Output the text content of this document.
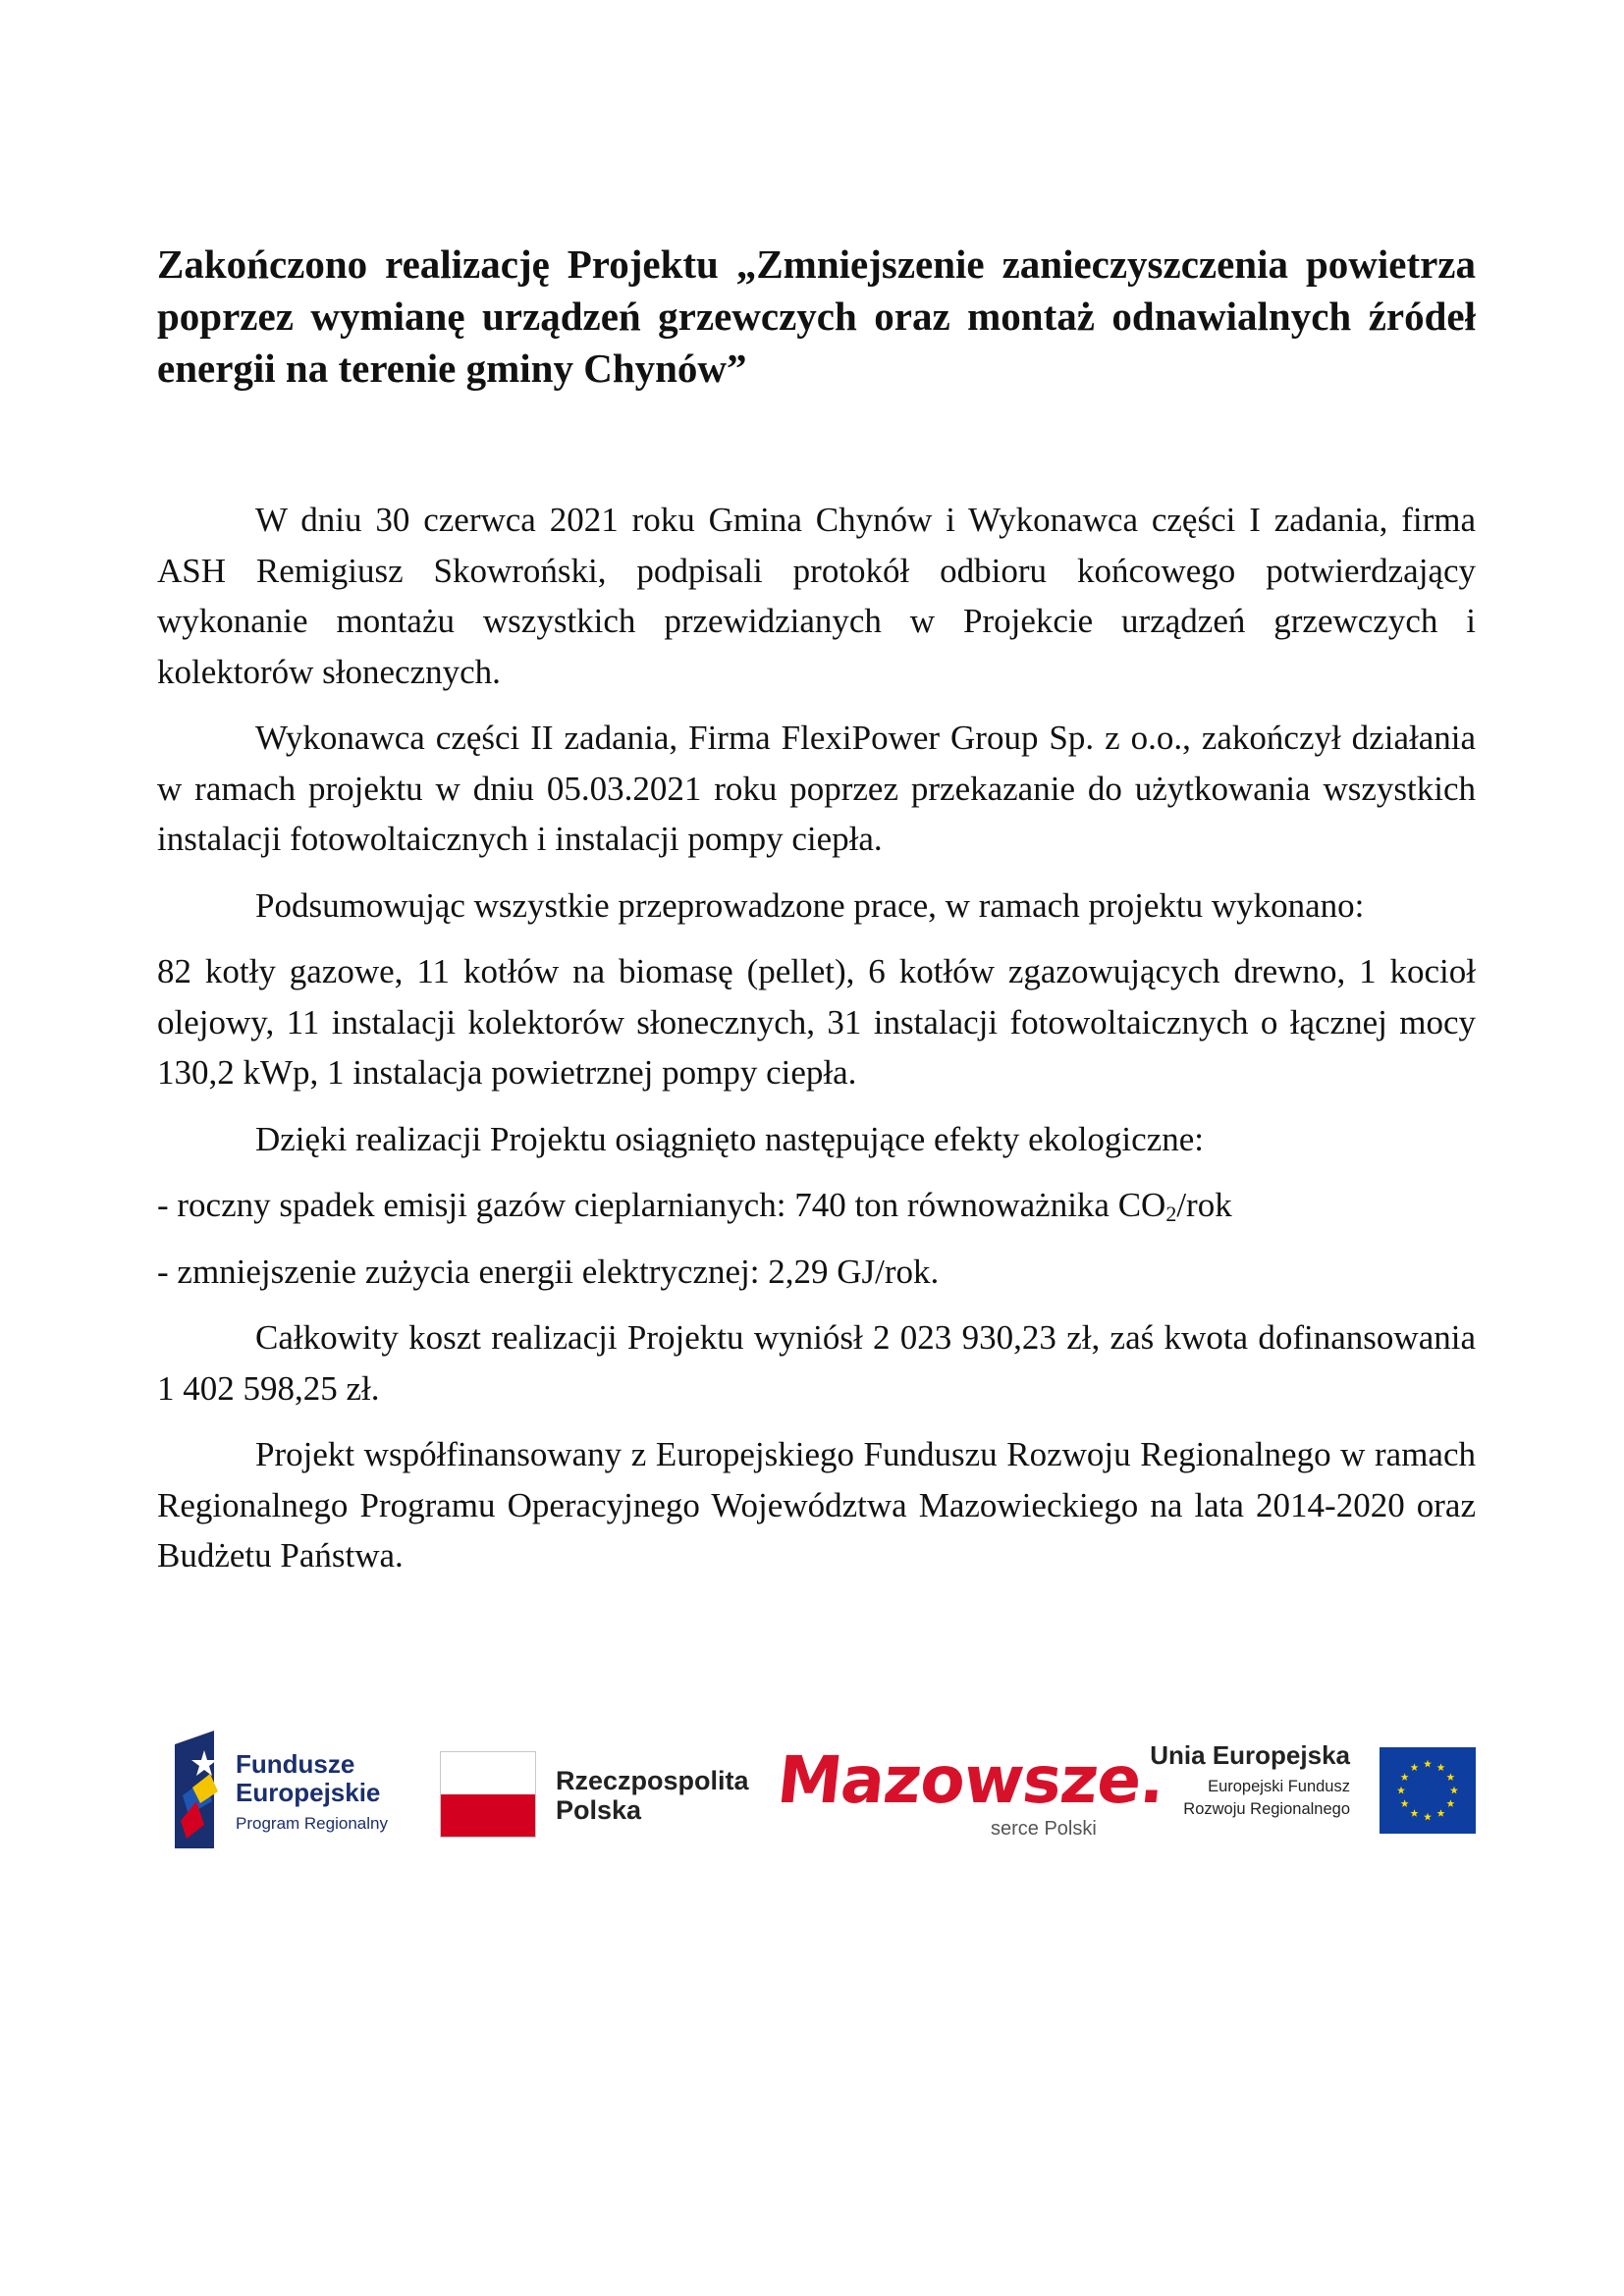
Zakończono realizację Projektu „Zmniejszenie zanieczyszczenia powietrza poprzez wymianę urządzeń grzewczych oraz montaż odnawialnych źródeł energii na terenie gminy Chynów”

W dniu 30 czerwca 2021 roku Gmina Chynów i Wykonawca części I zadania, firma ASH Remigiusz Skowroński, podpisali protokół odbioru końcowego potwierdzający wykonanie montażu wszystkich przewidzianych w Projekcie urządzeń grzewczych i kolektorów słonecznych.

Wykonawca części II zadania, Firma FlexiPower Group Sp. z o.o., zakończył działania w ramach projektu w dniu 05.03.2021 roku poprzez przekazanie do użytkowania wszystkich instalacji fotowoltaicznych i instalacji pompy ciepła.

Podsumowując wszystkie przeprowadzone prace, w ramach projektu wykonano:

82 kotły gazowe, 11 kotłów na biomasę (pellet), 6 kotłów zgazowujących drewno, 1 kocioł olejowy, 11 instalacji kolektorów słonecznych, 31 instalacji fotowoltaicznych o łącznej mocy 130,2 kWp, 1 instalacja powietrznej pompy ciepła.

Dzięki realizacji Projektu osiągnięto następujące efekty ekologiczne:

- roczny spadek emisji gazów cieplarnianych: 740 ton równoważnika $CO_2$/rok

- zmniejszenie zużycia energii elektrycznej: 2,29 GJ/rok.

Całkowity koszt realizacji Projektu wyniósł 2 023 930,23 zł, zaś kwota dofinansowania 1 402 598,25 zł.

Projekt współfinansowany z Europejskiego Funduszu Rozwoju Regionalnego w ramach Regionalnego Programu Operacyjnego Województwa Mazowieckiego na lata 2014-2020 oraz Budżetu Państwa.

Fundusze
Europejskie
Program Regionalny
Rzeczpospolita
Polska	Mazowsze.
serce Polski
Unia Europejska
Europejski Fundusz
Rozwoju Regionalnego
